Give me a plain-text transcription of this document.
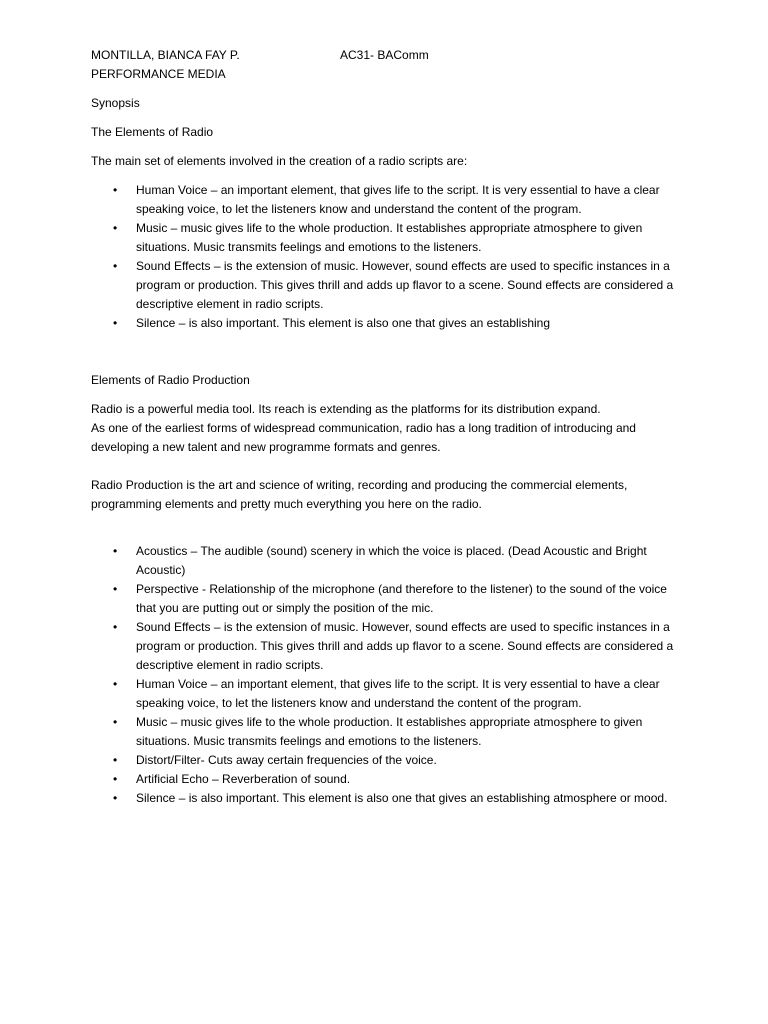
MONTILLA, BIANCA FAY P.	AC31- BAComm
PERFORMANCE MEDIA
Synopsis
The Elements of Radio
The main set of elements involved in the creation of a radio scripts are:
• Human Voice – an important element, that gives life to the script. It is very essential to have a clear speaking voice, to let the listeners know and understand the content of the program.
• Music – music gives life to the whole production. It establishes appropriate atmosphere to given situations. Music transmits feelings and emotions to the listeners.
• Sound Effects – is the extension of music. However, sound effects are used to specific instances in a program or production. This gives thrill and adds up flavor to a scene. Sound effects are considered a descriptive element in radio scripts.
• Silence – is also important. This element is also one that gives an establishing
Elements of Radio Production

Radio is a powerful media tool. Its reach is extending as the platforms for its distribution expand.

As one of the earliest forms of widespread communication, radio has a long tradition of introducing and developing a new talent and new programme formats and genres.

Radio Production is the art and science of writing, recording and producing the commercial elements, programming elements and pretty much everything you here on the radio.

• Acoustics – The audible (sound) scenery in which the voice is placed. (Dead Acoustic and Bright Acoustic)
• Perspective - Relationship of the microphone (and therefore to the listener) to the sound of the voice that you are putting out or simply the position of the mic.
• Sound Effects – is the extension of music. However, sound effects are used to specific instances in a program or production. This gives thrill and adds up flavor to a scene. Sound effects are considered a descriptive element in radio scripts.
• Human Voice – an important element, that gives life to the script. It is very essential to have a clear speaking voice, to let the listeners know and understand the content of the program.
• Music – music gives life to the whole production. It establishes appropriate atmosphere to given situations. Music transmits feelings and emotions to the listeners.
• Distort/Filter- Cuts away certain frequencies of the voice.
• Artificial Echo – Reverberation of sound.
• Silence – is also important. This element is also one that gives an establishing atmosphere or mood.
